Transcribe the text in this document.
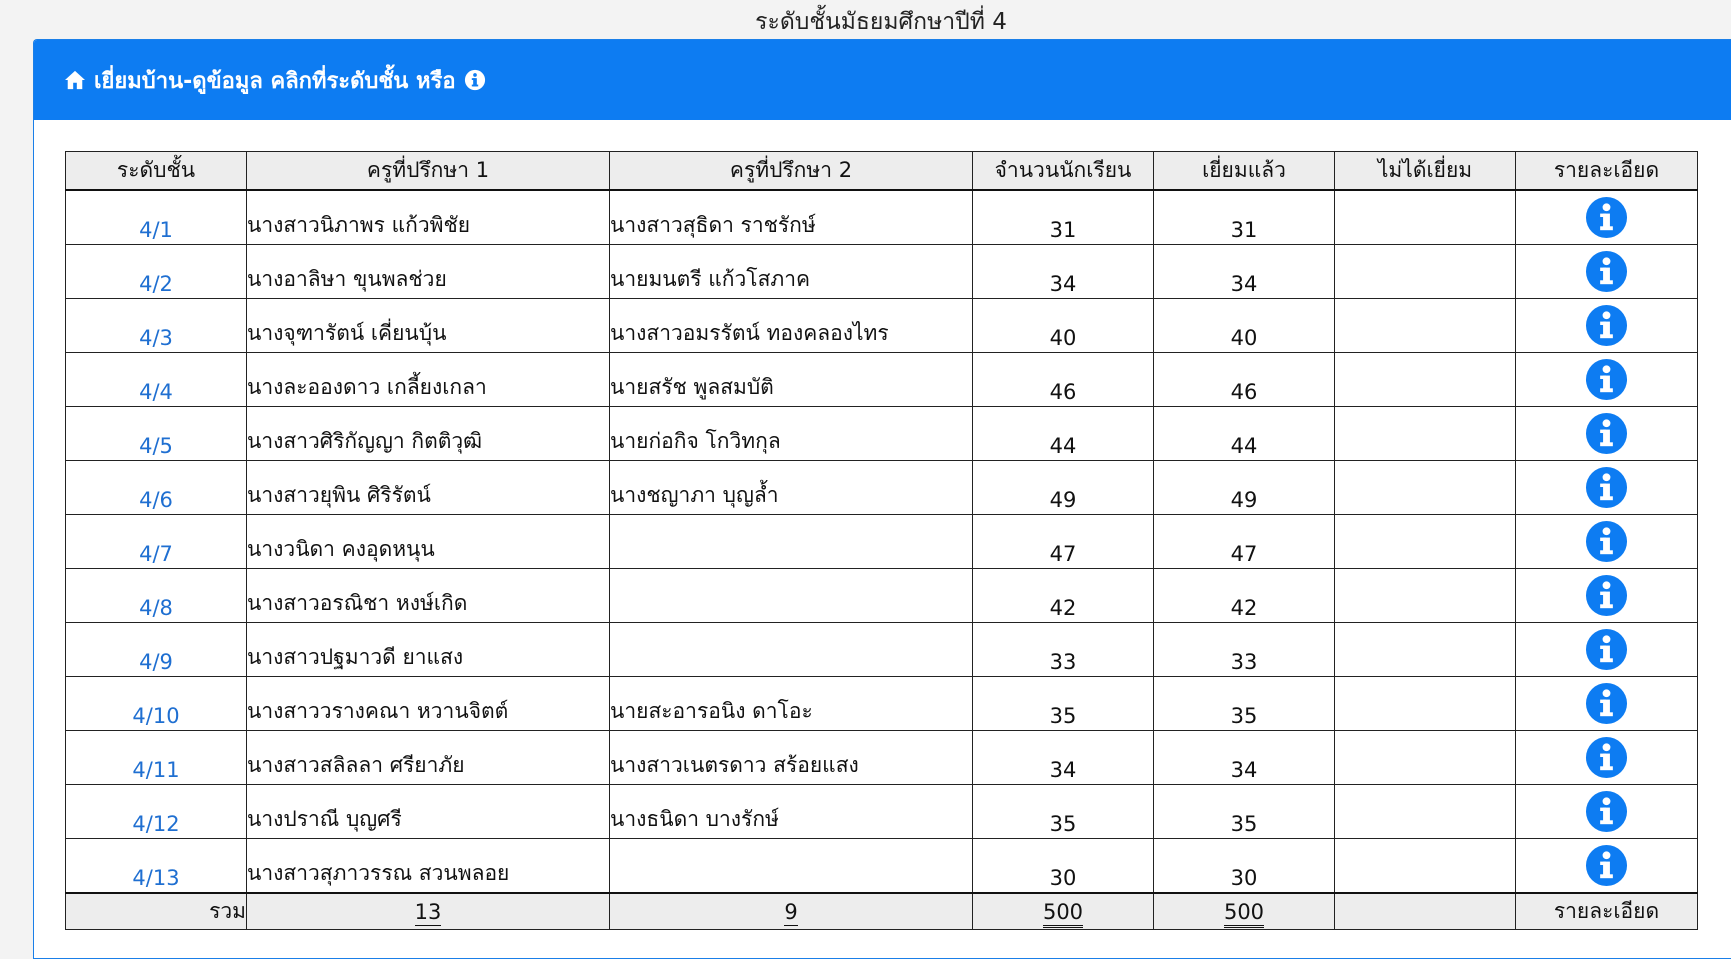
ระดับชั้นมัธยมศึกษาปีที่ 4
เยี่ยมบ้าน-ดูข้อมูล คลิกที่ระดับชั้น หรือ
ระดับชั้น	ครูที่ปรึกษา 1	ครูที่ปรึกษา 2	จำนวนนักเรียน	เยี่ยมแล้ว	ไม่ได้เยี่ยม	รายละเอียด
4/1	นางสาวนิภาพร แก้วพิชัย	นางสาวสุธิดา ราชรักษ์	31	31		
4/2	นางอาลิษา ขุนพลช่วย	นายมนตรี แก้วโสภาค	34	34		
4/3	นางจุฑารัตน์ เคี่ยนบุ้น	นางสาวอมรรัตน์ ทองคลองไทร	40	40		
4/4	นางละอองดาว เกลี้ยงเกลา	นายสรัช พูลสมบัติ	46	46		
4/5	นางสาวศิริกัญญา กิตติวุฒิ	นายก่อกิจ โกวิทกุล	44	44		
4/6	นางสาวยุพิน ศิริรัตน์	นางชญาภา บุญล้ำ	49	49		
4/7	นางวนิดา คงอุดหนุน		47	47		
4/8	นางสาวอรณิชา หงษ์เกิด		42	42		
4/9	นางสาวปฐมาวดี ยาแสง		33	33		
4/10	นางสาววรางคณา หวานจิตต์	นายสะอารอนิง ดาโอะ	35	35		
4/11	นางสาวสลิลลา ศรียาภัย	นางสาวเนตรดาว สร้อยแสง	34	34		
4/12	นางปราณี บุญศรี	นางธนิดา บางรักษ์	35	35		
4/13	นางสาวสุภาวรรณ สวนพลอย		30	30		
รวม	13	9	500	500		รายละเอียด
